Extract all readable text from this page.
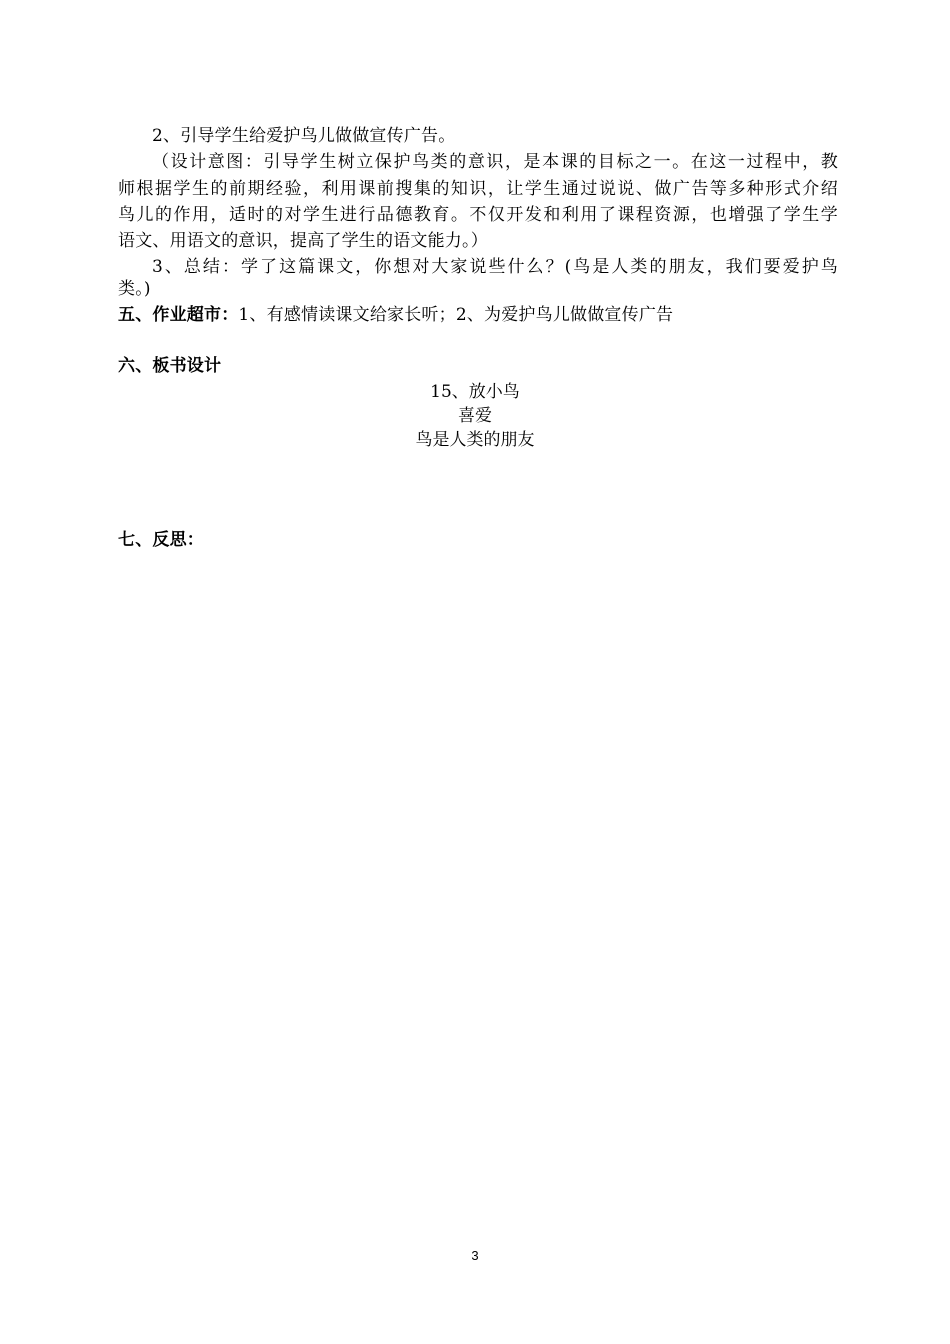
2、引导学生给爱护鸟儿做做宣传广告。
（设计意图：引导学生树立保护鸟类的意识，是本课的目标之一。在这一过程中，教
师根据学生的前期经验，利用课前搜集的知识，让学生通过说说、做广告等多种形式介绍
鸟儿的作用，适时的对学生进行品德教育。不仅开发和利用了课程资源，也增强了学生学
语文、用语文的意识，提高了学生的语文能力。）
3、总结：学了这篇课文，你想对大家说些什么？(鸟是人类的朋友，我们要爱护鸟
类。)
五、作业超市：1、有感情读课文给家长听；2、为爱护鸟儿做做宣传广告
六、板书设计
15、放小鸟
喜爱
鸟是人类的朋友
七、反思：
3
